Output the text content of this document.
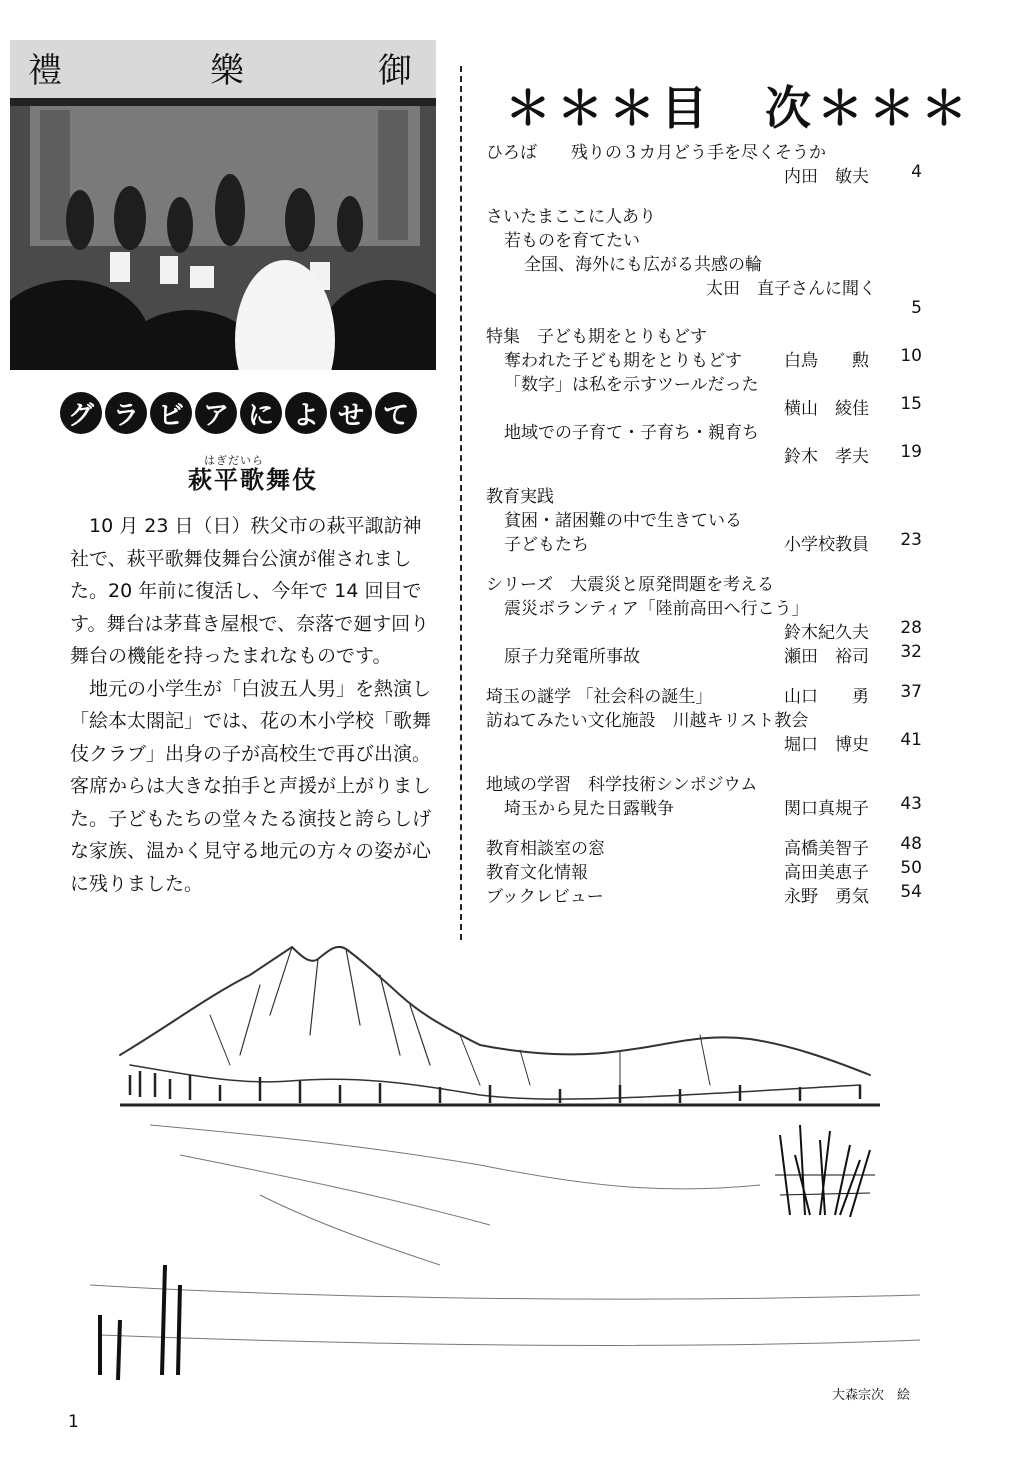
禮	樂	御
グ ラ ビ ア に よ せ て
はぎだいら
萩平歌舞伎

10 月 23 日（日）秩父市の萩平諏訪神社で、萩平歌舞伎舞台公演が催されました。20 年前に復活し、今年で 14 回目です。舞台は茅葺き屋根で、奈落で廻す回り舞台の機能を持ったまれなものです。

地元の小学生が「白波五人男」を熱演し「絵本太閤記」では、花の木小学校「歌舞伎クラブ」出身の子が高校生で再び出演。客席からは大きな拍手と声援が上がりました。子どもたちの堂々たる演技と誇らしげな家族、温かく見守る地元の方々の姿が心に残りました。

＊＊＊目　次＊＊＊
ひろば　　残りの３カ月どう手を尽くそうか
内田　敏夫	4
さいたまここに人あり
若ものを育てたい
全国、海外にも広がる共感の輪
太田　直子さんに聞く
5
特集　子ども期をとりもどす
奪われた子ども期をとりもどす 白鳥　　勲	10
「数字」は私を示すツールだった
横山　綾佳	15
地域での子育て・子育ち・親育ち
鈴木　孝夫	19
教育実践
貧困・諸困難の中で生きている
子どもたち	小学校教員	23
シリーズ　大震災と原発問題を考える
震災ボランティア「陸前高田へ行こう」
鈴木紀久夫	28
原子力発電所事故	瀬田　裕司	32
埼玉の謎学 「社会科の誕生」	山口　　勇	37
訪ねてみたい文化施設　川越キリスト教会
堀口　博史	41
地域の学習　科学技術シンポジウム
埼玉から見た日露戦争	関口真規子	43
教育相談室の窓	高橋美智子	48
教育文化情報	高田美恵子	50
ブックレビュー	永野　勇気	54
大森宗次　絵
1
